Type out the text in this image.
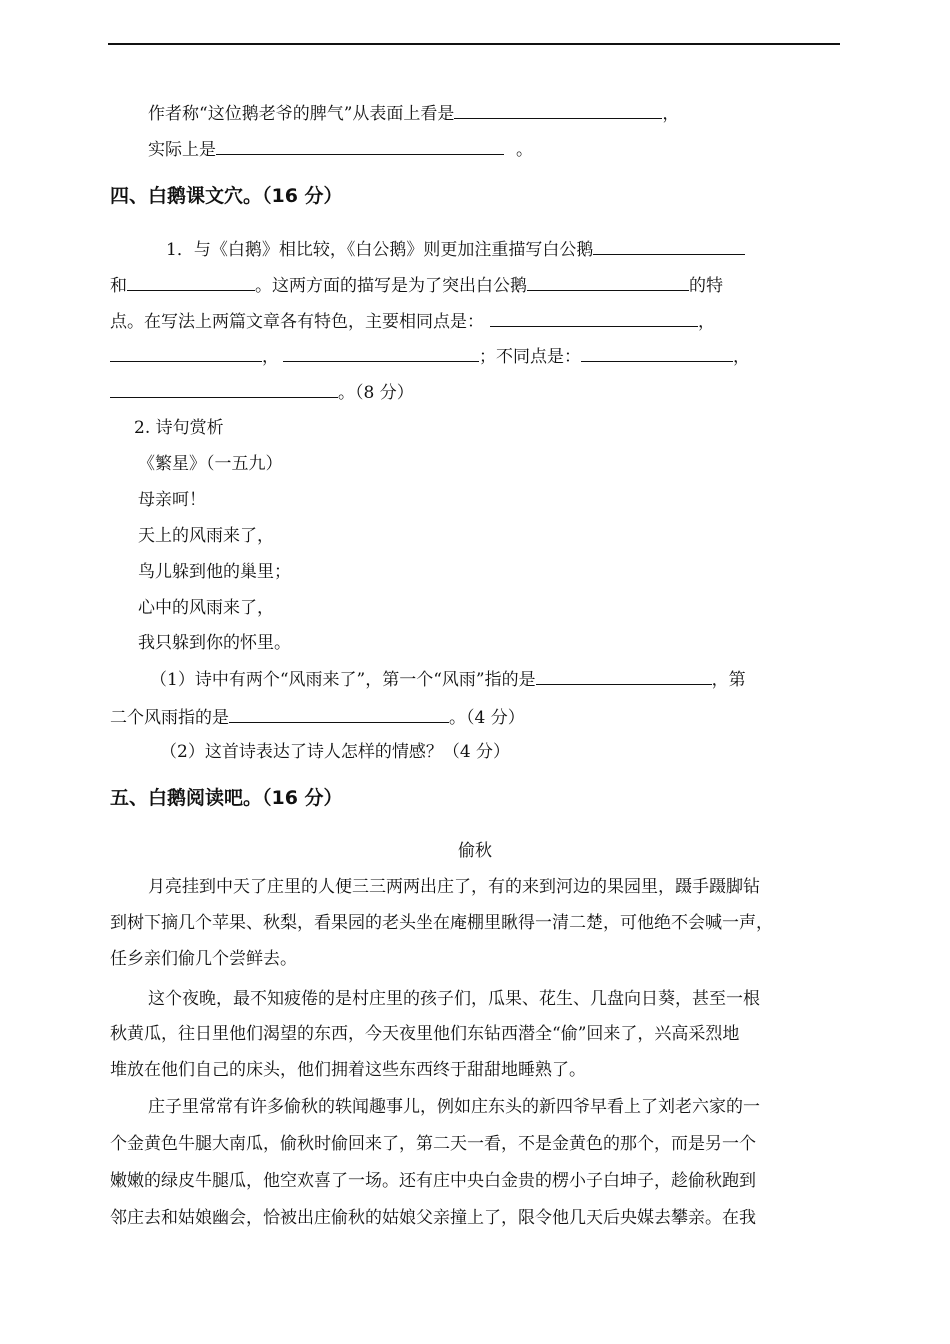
作者称“这位鹅老爷的脾气”从表面上看是	，
实际上是	。
四、白鹅课文穴。（16 分）
1．与《白鹅》相比较，《白公鹅》则更加注重描写白公鹅
和	。这两方面的描写是为了突出白公鹅	的特
点。在写法上两篇文章各有特色，主要相同点是：	，
，	；不同点是：	，
。（8 分）
2. 诗句赏析
《繁星》（一五九）
母亲呵！
天上的风雨来了，
鸟儿躲到他的巢里；
心中的风雨来了，
我只躲到你的怀里。
（1）诗中有两个“风雨来了”，第一个“风雨”指的是	，第
二个风雨指的是	。（4 分）
（2）这首诗表达了诗人怎样的情感？（4 分）
五、白鹅阅读吧。（16 分）
偷秋
月亮挂到中天了庄里的人便三三两两出庄了，有的来到河边的果园里，蹑手蹑脚钻
到树下摘几个苹果、秋梨，看果园的老头坐在庵棚里瞅得一清二楚，可他绝不会喊一声，
任乡亲们偷几个尝鲜去。
这个夜晚，最不知疲倦的是村庄里的孩子们，瓜果、花生、几盘向日葵，甚至一根
秋黄瓜，往日里他们渴望的东西，今天夜里他们东钻西潜全“偷”回来了，兴高采烈地
堆放在他们自己的床头，他们拥着这些东西终于甜甜地睡熟了。
庄子里常常有许多偷秋的轶闻趣事儿，例如庄东头的新四爷早看上了刘老六家的一
个金黄色牛腿大南瓜，偷秋时偷回来了，第二天一看，不是金黄色的那个，而是另一个
嫩嫩的绿皮牛腿瓜，他空欢喜了一场。还有庄中央白金贵的楞小子白坤子，趁偷秋跑到
邻庄去和姑娘幽会，恰被出庄偷秋的姑娘父亲撞上了，限令他几天后央媒去攀亲。在我
